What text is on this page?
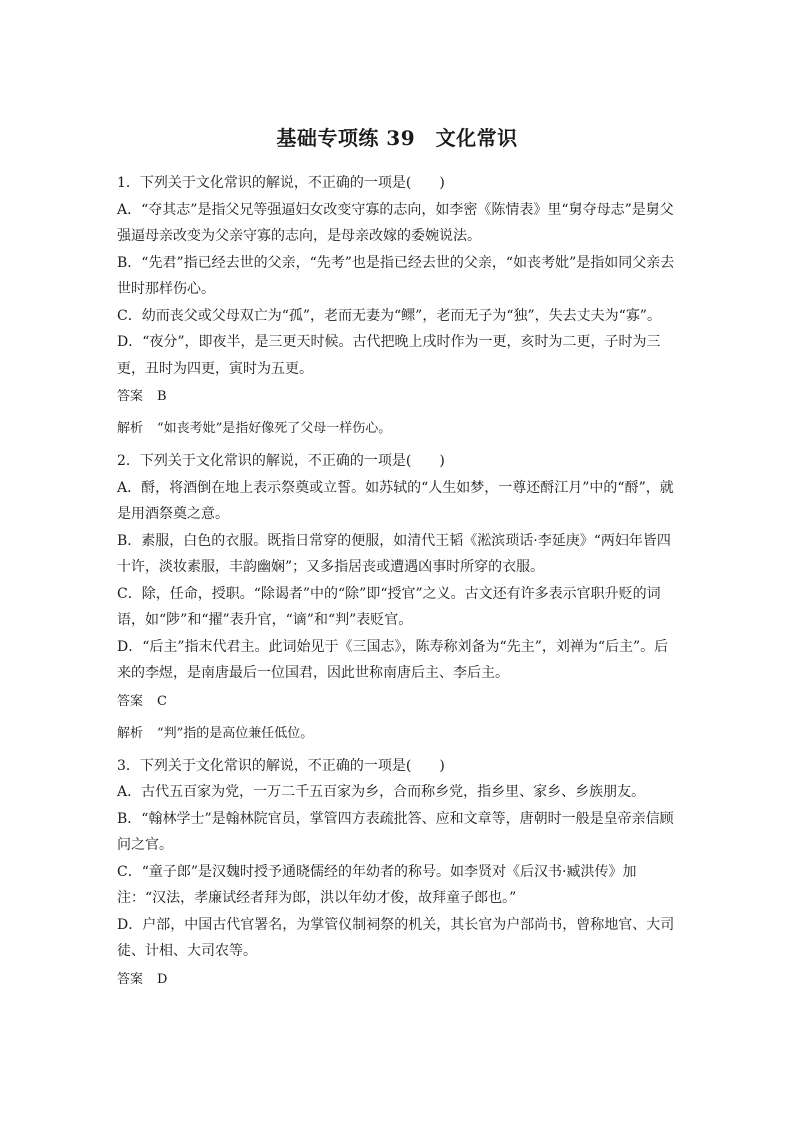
基础专项练 39　文化常识
1．下列关于文化常识的解说，不正确的一项是(　　)
A．“夺其志”是指父兄等强逼妇女改变守寡的志向，如李密《陈情表》里“舅夺母志”是舅父强逼母亲改变为父亲守寡的志向，是母亲改嫁的委婉说法。
B．“先君”指已经去世的父亲，“先考”也是指已经去世的父亲，“如丧考妣”是指如同父亲去世时那样伤心。
C．幼而丧父或父母双亡为“孤”，老而无妻为“鳏”，老而无子为“独”，失去丈夫为“寡”。
D．“夜分”，即夜半，是三更天时候。古代把晚上戌时作为一更，亥时为二更，子时为三更，丑时为四更，寅时为五更。
答案 B
解析 “如丧考妣”是指好像死了父母一样伤心。
2．下列关于文化常识的解说，不正确的一项是(　　)
A．酹，将酒倒在地上表示祭奠或立誓。如苏轼的“人生如梦，一尊还酹江月”中的“酹”，就是用酒祭奠之意。
B．素服，白色的衣服。既指日常穿的便服，如清代王韬《淞滨琐话·李延庚》“两妇年皆四十许，淡妆素服，丰韵幽娴”；又多指居丧或遭遇凶事时所穿的衣服。
C．除，任命，授职。“除谒者”中的“除”即“授官”之义。古文还有许多表示官职升贬的词语，如“陟”和“擢”表升官，“谪”和“判”表贬官。
D．“后主”指末代君主。此词始见于《三国志》，陈寿称刘备为“先主”，刘禅为“后主”。后来的李煜，是南唐最后一位国君，因此世称南唐后主、李后主。
答案 C
解析 “判”指的是高位兼任低位。
3．下列关于文化常识的解说，不正确的一项是(　　)
A．古代五百家为党，一万二千五百家为乡，合而称乡党，指乡里、家乡、乡族朋友。
B．“翰林学士”是翰林院官员，掌管四方表疏批答、应和文章等，唐朝时一般是皇帝亲信顾问之官。
C．“童子郎”是汉魏时授予通晓儒经的年幼者的称号。如李贤对《后汉书·臧洪传》加注：“汉法，孝廉试经者拜为郎，洪以年幼才俊，故拜童子郎也。”
D．户部，中国古代官署名，为掌管仪制祠祭的机关，其长官为户部尚书，曾称地官、大司徒、计相、大司农等。
答案 D
